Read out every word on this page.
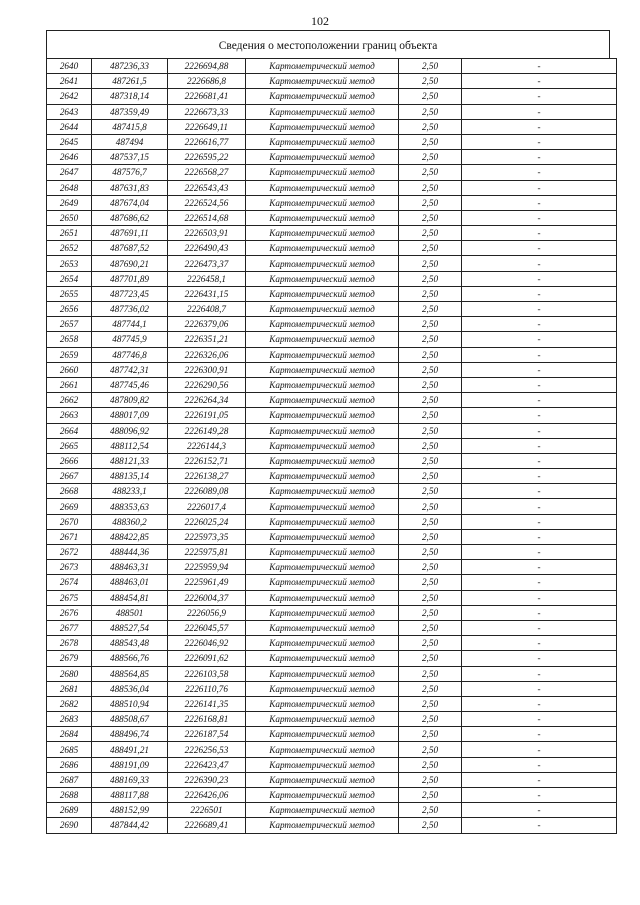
102
Сведения о местоположении границ объекта
2640	487236,33	2226694,88	Картометрический метод	2,50	-
2641	487261,5	2226686,8	Картометрический метод	2,50	-
2642	487318,14	2226681,41	Картометрический метод	2,50	-
2643	487359,49	2226673,33	Картометрический метод	2,50	-
2644	487415,8	2226649,11	Картометрический метод	2,50	-
2645	487494	2226616,77	Картометрический метод	2,50	-
2646	487537,15	2226595,22	Картометрический метод	2,50	-
2647	487576,7	2226568,27	Картометрический метод	2,50	-
2648	487631,83	2226543,43	Картометрический метод	2,50	-
2649	487674,04	2226524,56	Картометрический метод	2,50	-
2650	487686,62	2226514,68	Картометрический метод	2,50	-
2651	487691,11	2226503,91	Картометрический метод	2,50	-
2652	487687,52	2226490,43	Картометрический метод	2,50	-
2653	487690,21	2226473,37	Картометрический метод	2,50	-
2654	487701,89	2226458,1	Картометрический метод	2,50	-
2655	487723,45	2226431,15	Картометрический метод	2,50	-
2656	487736,02	2226408,7	Картометрический метод	2,50	-
2657	487744,1	2226379,06	Картометрический метод	2,50	-
2658	487745,9	2226351,21	Картометрический метод	2,50	-
2659	487746,8	2226326,06	Картометрический метод	2,50	-
2660	487742,31	2226300,91	Картометрический метод	2,50	-
2661	487745,46	2226290,56	Картометрический метод	2,50	-
2662	487809,82	2226264,34	Картометрический метод	2,50	-
2663	488017,09	2226191,05	Картометрический метод	2,50	-
2664	488096,92	2226149,28	Картометрический метод	2,50	-
2665	488112,54	2226144,3	Картометрический метод	2,50	-
2666	488121,33	2226152,71	Картометрический метод	2,50	-
2667	488135,14	2226138,27	Картометрический метод	2,50	-
2668	488233,1	2226089,08	Картометрический метод	2,50	-
2669	488353,63	2226017,4	Картометрический метод	2,50	-
2670	488360,2	2226025,24	Картометрический метод	2,50	-
2671	488422,85	2225973,35	Картометрический метод	2,50	-
2672	488444,36	2225975,81	Картометрический метод	2,50	-
2673	488463,31	2225959,94	Картометрический метод	2,50	-
2674	488463,01	2225961,49	Картометрический метод	2,50	-
2675	488454,81	2226004,37	Картометрический метод	2,50	-
2676	488501	2226056,9	Картометрический метод	2,50	-
2677	488527,54	2226045,57	Картометрический метод	2,50	-
2678	488543,48	2226046,92	Картометрический метод	2,50	-
2679	488566,76	2226091,62	Картометрический метод	2,50	-
2680	488564,85	2226103,58	Картометрический метод	2,50	-
2681	488536,04	2226110,76	Картометрический метод	2,50	-
2682	488510,94	2226141,35	Картометрический метод	2,50	-
2683	488508,67	2226168,81	Картометрический метод	2,50	-
2684	488496,74	2226187,54	Картометрический метод	2,50	-
2685	488491,21	2226256,53	Картометрический метод	2,50	-
2686	488191,09	2226423,47	Картометрический метод	2,50	-
2687	488169,33	2226390,23	Картометрический метод	2,50	-
2688	488117,88	2226426,06	Картометрический метод	2,50	-
2689	488152,99	2226501	Картометрический метод	2,50	-
2690	487844,42	2226689,41	Картометрический метод	2,50	-
